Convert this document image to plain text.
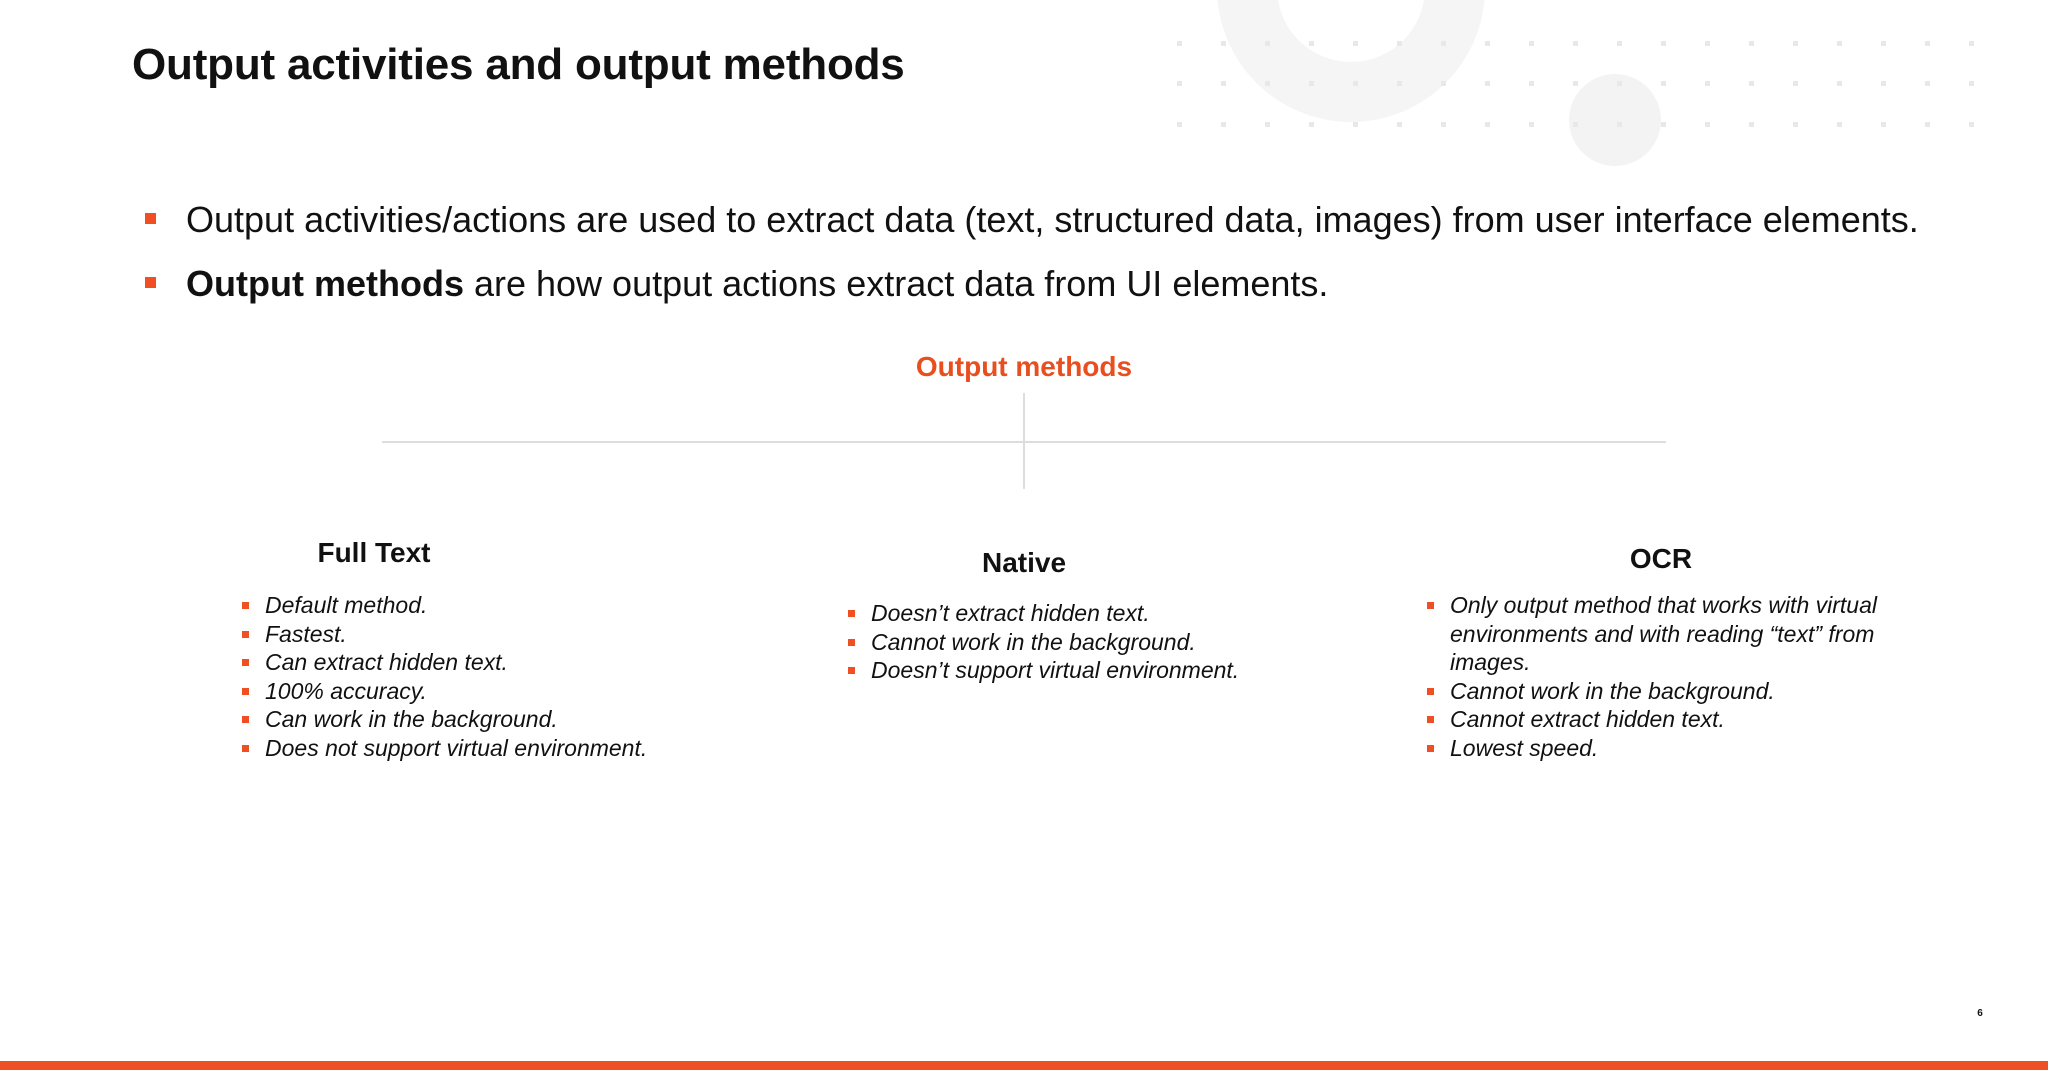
Output activities and output methods
Output activities/actions are used to extract data (text, structured data, images) from user interface elements.
Output methods are how output actions extract data from UI elements.
Output methods
Full Text
Default method.
Fastest.
Can extract hidden text.
100% accuracy.
Can work in the background.
Does not support virtual environment.
Native
Doesn’t extract hidden text.
Cannot work in the background.
Doesn’t support virtual environment.
OCR
Only output method that works with virtual environments and with reading “text” from images.
Cannot work in the background.
Cannot extract hidden text.
Lowest speed.
6
